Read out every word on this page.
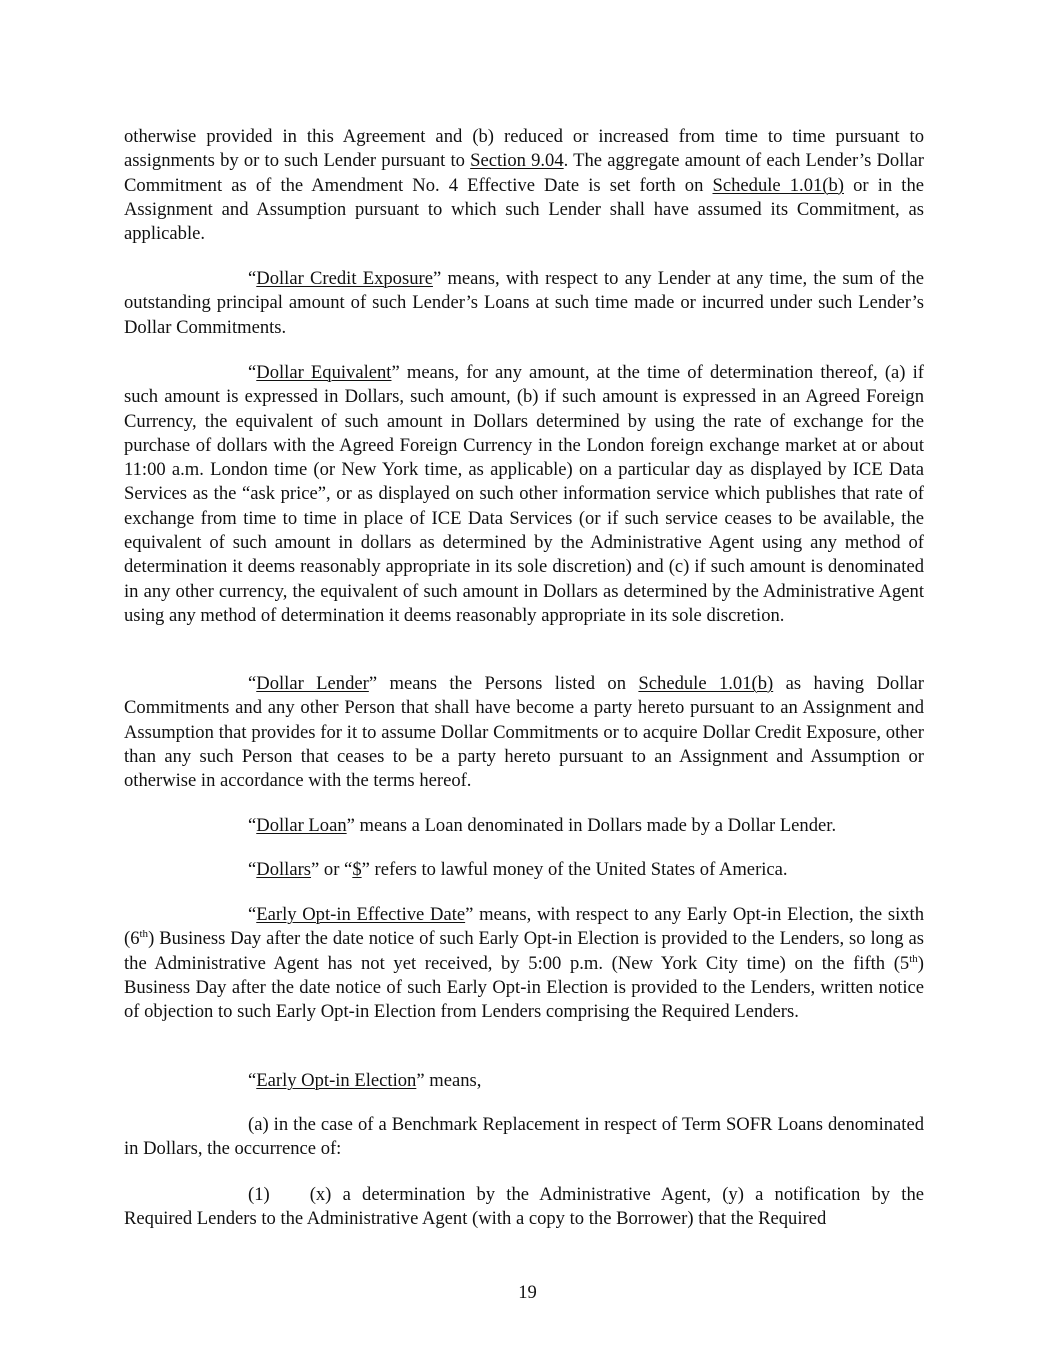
otherwise provided in this Agreement and (b) reduced or increased from time to time pursuant to assignments by or to such Lender pursuant to Section 9.04. The aggregate amount of each Lender’s Dollar Commitment as of the Amendment No. 4 Effective Date is set forth on Schedule 1.01(b) or in the Assignment and Assumption pursuant to which such Lender shall have assumed its Commitment, as applicable.

“Dollar Credit Exposure” means, with respect to any Lender at any time, the sum of the outstanding principal amount of such Lender’s Loans at such time made or incurred under such Lender’s Dollar Commitments.

“Dollar Equivalent” means, for any amount, at the time of determination thereof, (a) if such amount is expressed in Dollars, such amount, (b) if such amount is expressed in an Agreed Foreign Currency, the equivalent of such amount in Dollars determined by using the rate of exchange for the purchase of dollars with the Agreed Foreign Currency in the London foreign exchange market at or about 11:00 a.m. London time (or New York time, as applicable) on a particular day as displayed by ICE Data Services as the “ask price”, or as displayed on such other information service which publishes that rate of exchange from time to time in place of ICE Data Services (or if such service ceases to be available, the equivalent of such amount in dollars as determined by the Administrative Agent using any method of determination it deems reasonably appropriate in its sole discretion) and (c) if such amount is denominated in any other currency, the equivalent of such amount in Dollars as determined by the Administrative Agent using any method of determination it deems reasonably appropriate in its sole discretion.

“Dollar Lender” means the Persons listed on Schedule 1.01(b) as having Dollar Commitments and any other Person that shall have become a party hereto pursuant to an Assignment and Assumption that provides for it to assume Dollar Commitments or to acquire Dollar Credit Exposure, other than any such Person that ceases to be a party hereto pursuant to an Assignment and Assumption or otherwise in accordance with the terms hereof.

“Dollar Loan” means a Loan denominated in Dollars made by a Dollar Lender.

“Dollars” or “$” refers to lawful money of the United States of America.

“Early Opt-in Effective Date” means, with respect to any Early Opt-in Election, the sixth (6th) Business Day after the date notice of such Early Opt-in Election is provided to the Lenders, so long as the Administrative Agent has not yet received, by 5:00 p.m. (New York City time) on the fifth (5th) Business Day after the date notice of such Early Opt-in Election is provided to the Lenders, written notice of objection to such Early Opt-in Election from Lenders comprising the Required Lenders.

“Early Opt-in Election” means,

(a) in the case of a Benchmark Replacement in respect of Term SOFR Loans denominated in Dollars, the occurrence of:

(1) (x) a determination by the Administrative Agent, (y) a notification by the Required Lenders to the Administrative Agent (with a copy to the Borrower) that the Required

19
